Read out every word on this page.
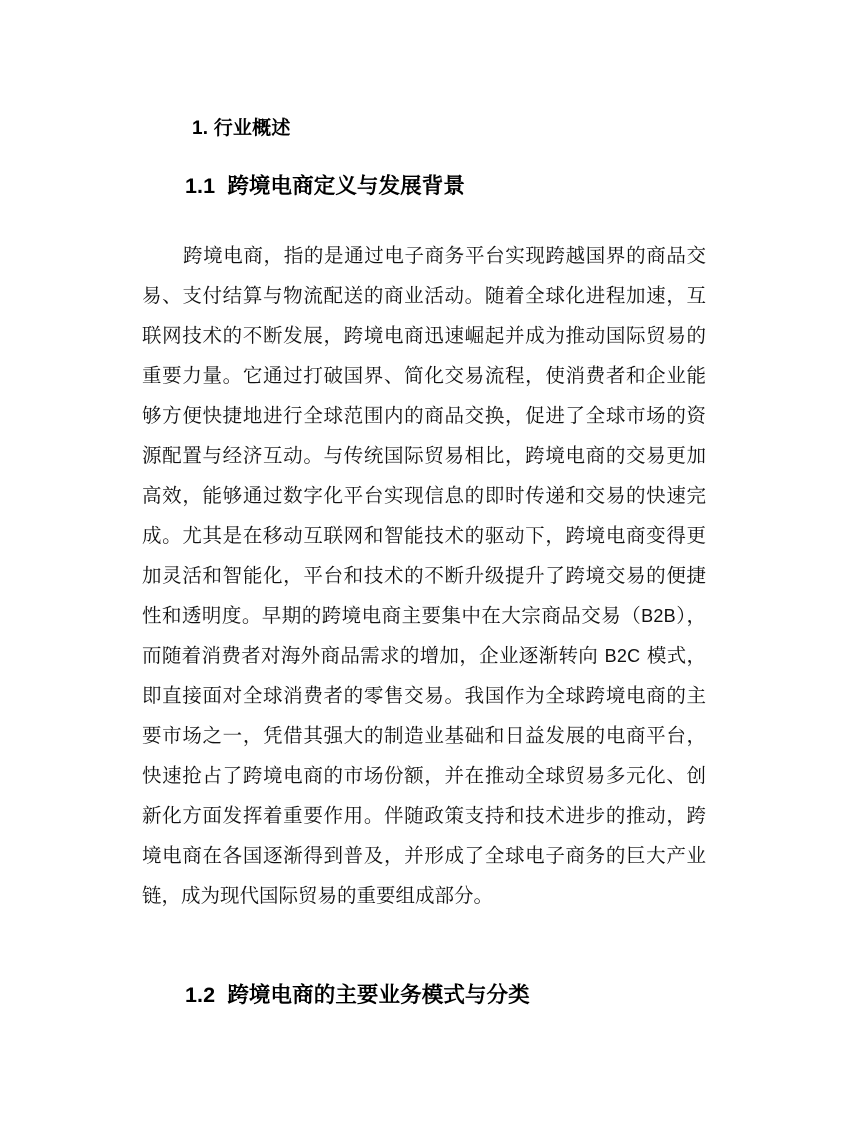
1. 行业概述
1.1  跨境电商定义与发展背景

跨境电商，指的是通过电子商务平台实现跨越国界的商品交易、支付结算与物流配送的商业活动。随着全球化进程加速，互联网技术的不断发展，跨境电商迅速崛起并成为推动国际贸易的重要力量。它通过打破国界、简化交易流程，使消费者和企业能够方便快捷地进行全球范围内的商品交换，促进了全球市场的资源配置与经济互动。与传统国际贸易相比，跨境电商的交易更加高效，能够通过数字化平台实现信息的即时传递和交易的快速完成。尤其是在移动互联网和智能技术的驱动下，跨境电商变得更加灵活和智能化，平台和技术的不断升级提升了跨境交易的便捷性和透明度。早期的跨境电商主要集中在大宗商品交易（B2B），而随着消费者对海外商品需求的增加，企业逐渐转向 B2C 模式，即直接面对全球消费者的零售交易。我国作为全球跨境电商的主要市场之一，凭借其强大的制造业基础和日益发展的电商平台，快速抢占了跨境电商的市场份额，并在推动全球贸易多元化、创新化方面发挥着重要作用。伴随政策支持和技术进步的推动，跨境电商在各国逐渐得到普及，并形成了全球电子商务的巨大产业链，成为现代国际贸易的重要组成部分。

1.2  跨境电商的主要业务模式与分类
